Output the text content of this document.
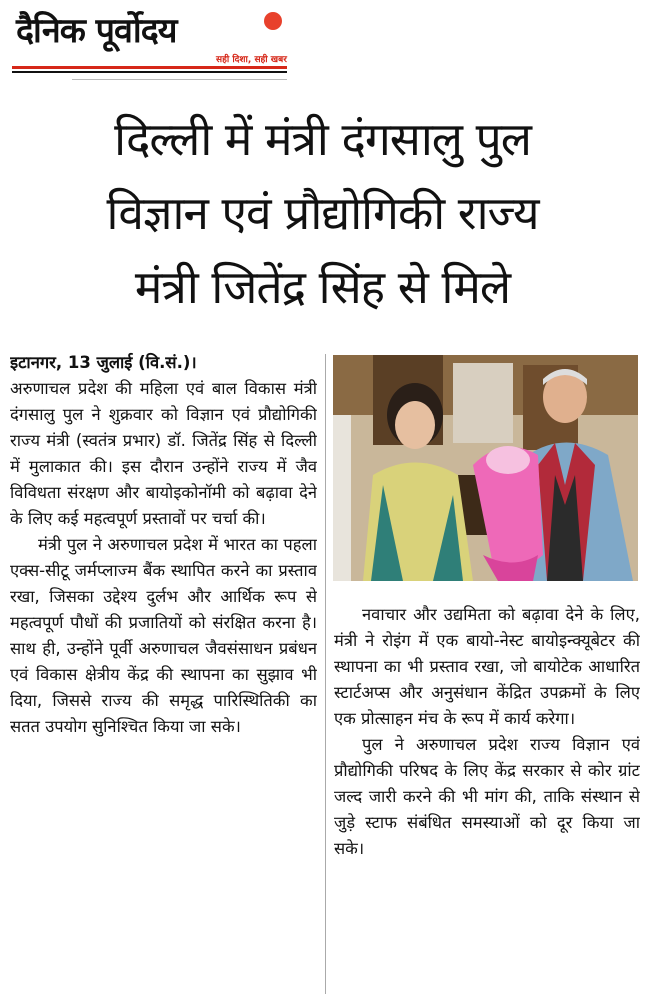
दैनिक पूर्वोदय
सही दिशा, सही खबर
दिल्ली में मंत्री दंगसालु पुल
विज्ञान एवं प्रौद्योगिकी राज्य
मंत्री जितेंद्र सिंह से मिले

इटानगर, 13 जुलाई (वि.सं.)।

अरुणाचल प्रदेश की महिला एवं बाल विकास मंत्री दंगसालु पुल ने शुक्रवार को विज्ञान एवं प्रौद्योगिकी राज्य मंत्री (स्वतंत्र प्रभार) डॉ. जितेंद्र सिंह से दिल्ली में मुलाकात की। इस दौरान उन्होंने राज्य में जैव विविधता संरक्षण और बायोइकोनॉमी को बढ़ावा देने के लिए कई महत्वपूर्ण प्रस्तावों पर चर्चा की।

मंत्री पुल ने अरुणाचल प्रदेश में भारत का पहला एक्स-सीटू जर्मप्लाज्म बैंक स्थापित करने का प्रस्ताव रखा, जिसका उद्देश्य दुर्लभ और आर्थिक रूप से महत्वपूर्ण पौधों की प्रजातियों को संरक्षित करना है। साथ ही, उन्होंने पूर्वी अरुणाचल जैवसंसाधन प्रबंधन एवं विकास क्षेत्रीय केंद्र की स्थापना का सुझाव भी दिया, जिससे राज्य की समृद्ध पारिस्थितिकी का सतत उपयोग सुनिश्चित किया जा सके।

नवाचार और उद्यमिता को बढ़ावा देने के लिए, मंत्री ने रोइंग में एक बायो-नेस्ट बायोइन्क्यूबेटर की स्थापना का भी प्रस्ताव रखा, जो बायोटेक आधारित स्टार्टअप्स और अनुसंधान केंद्रित उपक्रमों के लिए एक प्रोत्साहन मंच के रूप में कार्य करेगा।

पुल ने अरुणाचल प्रदेश राज्य विज्ञान एवं प्रौद्योगिकी परिषद के लिए केंद्र सरकार से कोर ग्रांट जल्द जारी करने की भी मांग की, ताकि संस्थान से जुड़े स्टाफ संबंधित समस्याओं को दूर किया जा सके।
